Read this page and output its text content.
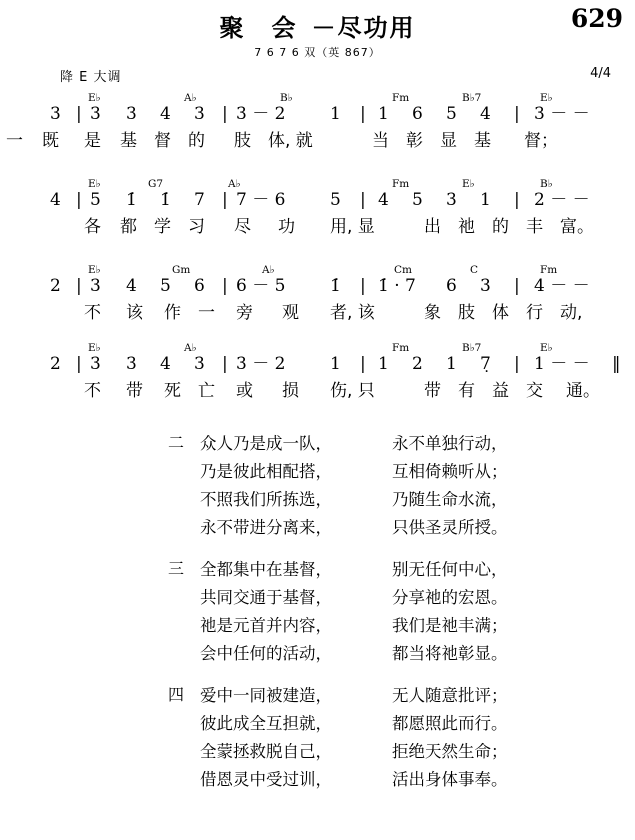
629
聚　会 －尽功用
7 6 7 6 双（英 867）
降 E 大调	4/4
E♭	A♭	B♭	Fm	B♭7	E♭
3 | 3 3 4 3 | 3 － 2	1 | 1 6 5 4 | 3 － －
一 既 是 基 督 的 肢 体, 就	当 彰 显 基 督；
E♭	G7	A♭	Fm	E♭	B♭
4 | 5 1̇ 1̇ 7 | 7 － 6	5 | 4 5 3 1 | 2 － －
各 都 学 习 尽 功 用, 显	出 祂 的 丰 富。
E♭	Gm	A♭	Cm	C	Fm
2 | 3 4 5 6 | 6 － 5	1̇ | 1̇ · 7 6 3 | 4 － －
不 该 作 一 旁 观 者, 该	象 肢 体 行 动,
E♭	A♭	Fm	B♭7	E♭
2 | 3 3 4 3 | 3 － 2	1 | 1 2 1 7̣ | 1 － － ‖
不 带 死 亡 或 损 伤, 只	带 有 益 交 通。
二 众人乃是成一队，	永不单独行动，
乃是彼此相配搭，	互相倚赖听从；
不照我们所拣选，	乃随生命水流，
永不带进分离来，	只供圣灵所授。
三 全都集中在基督，	别无任何中心，
共同交通于基督，	分享祂的宏恩。
祂是元首并内容，	我们是祂丰满；
会中任何的活动，	都当将祂彰显。
四 爱中一同被建造，	无人随意批评；
彼此成全互担就，	都愿照此而行。
全蒙拯救脱自己，	拒绝天然生命；
借恩灵中受过训，	活出身体事奉。
